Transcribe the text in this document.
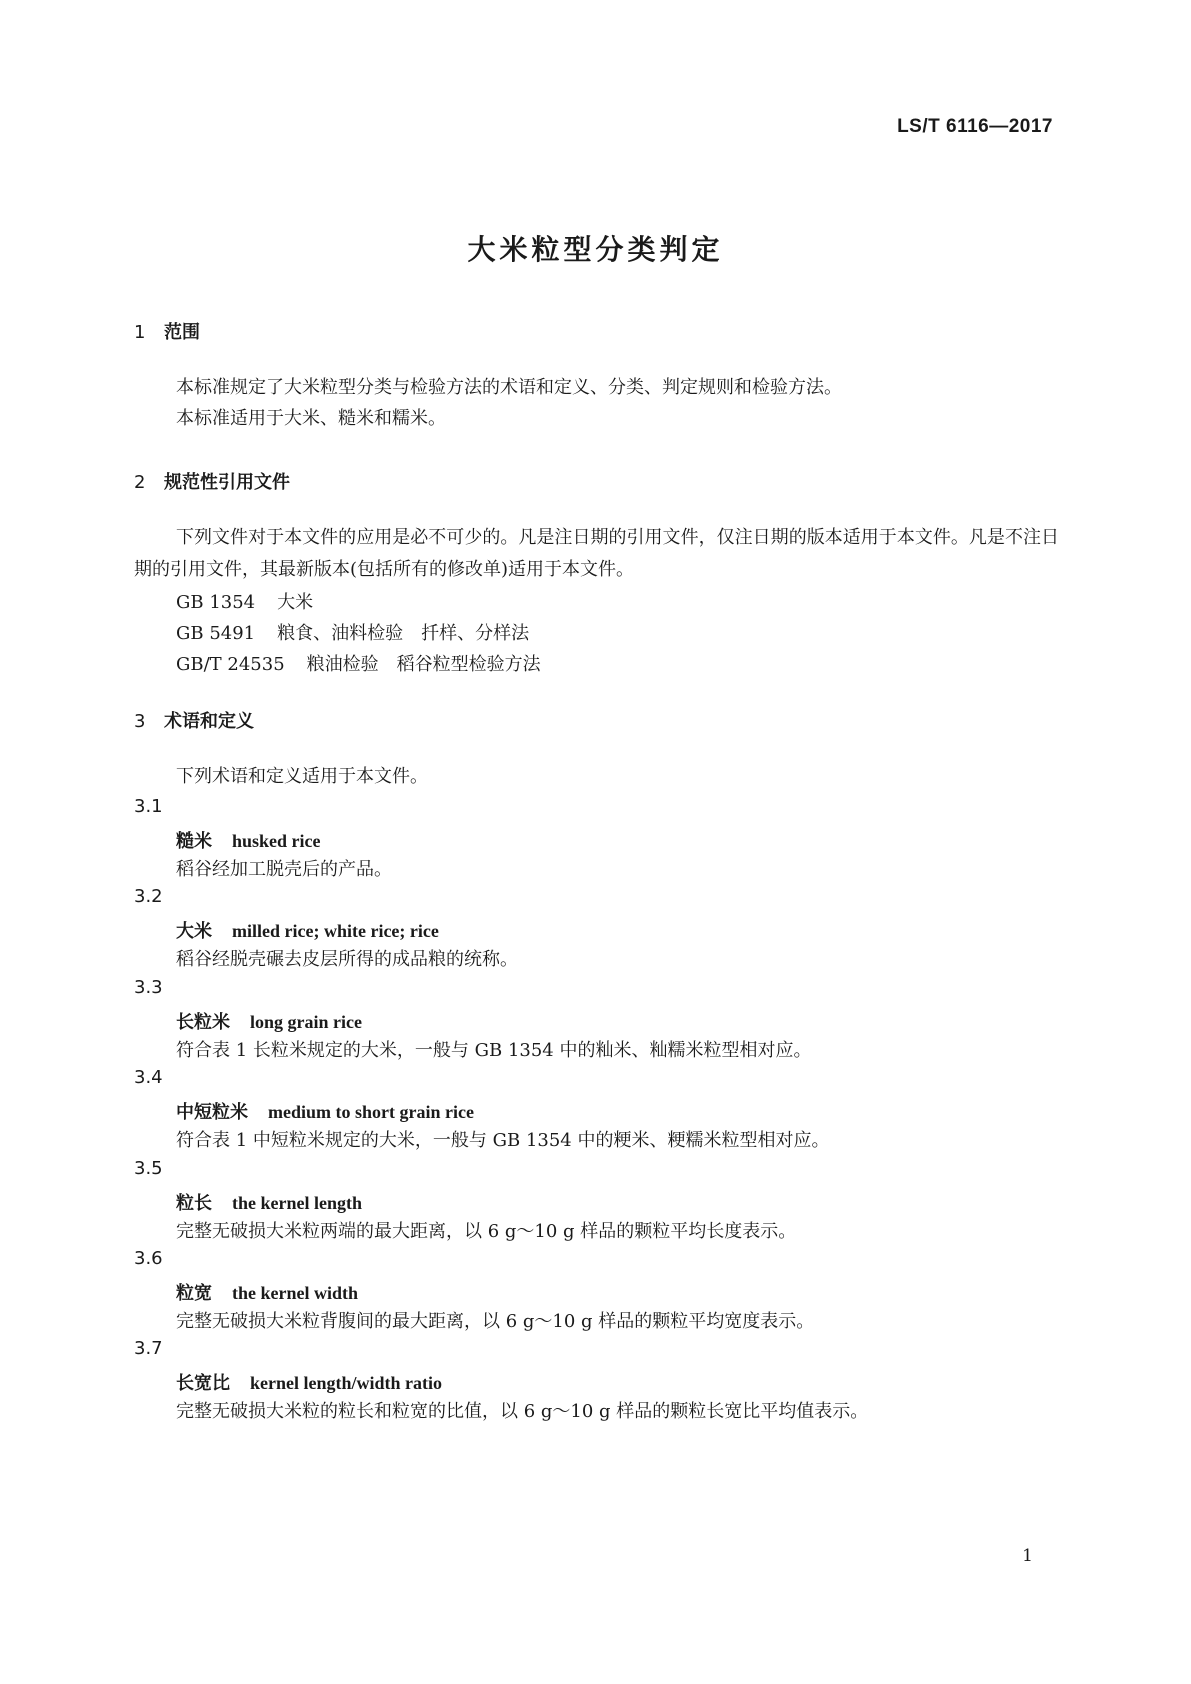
LS/T 6116—2017
大米粒型分类判定
1 范围
本标准规定了大米粒型分类与检验方法的术语和定义、分类、判定规则和检验方法。
本标准适用于大米、糙米和糯米。
2 规范性引用文件
下列文件对于本文件的应用是必不可少的。凡是注日期的引用文件，仅注日期的版本适用于本文件。凡是不注日期的引用文件，其最新版本(包括所有的修改单)适用于本文件。
GB 1354 大米
GB 5491 粮食、油料检验　扦样、分样法
GB/T 24535 粮油检验　稻谷粒型检验方法
3 术语和定义
下列术语和定义适用于本文件。
3.1
糙米 husked rice
稻谷经加工脱壳后的产品。
3.2
大米 milled rice; white rice; rice
稻谷经脱壳碾去皮层所得的成品粮的统称。
3.3
长粒米 long grain rice
符合表 1 长粒米规定的大米，一般与 GB 1354 中的籼米、籼糯米粒型相对应。
3.4
中短粒米 medium to short grain rice
符合表 1 中短粒米规定的大米，一般与 GB 1354 中的粳米、粳糯米粒型相对应。
3.5
粒长 the kernel length
完整无破损大米粒两端的最大距离，以 6 g～10 g 样品的颗粒平均长度表示。
3.6
粒宽 the kernel width
完整无破损大米粒背腹间的最大距离，以 6 g～10 g 样品的颗粒平均宽度表示。
3.7
长宽比 kernel length/width ratio
完整无破损大米粒的粒长和粒宽的比值，以 6 g～10 g 样品的颗粒长宽比平均值表示。
1
